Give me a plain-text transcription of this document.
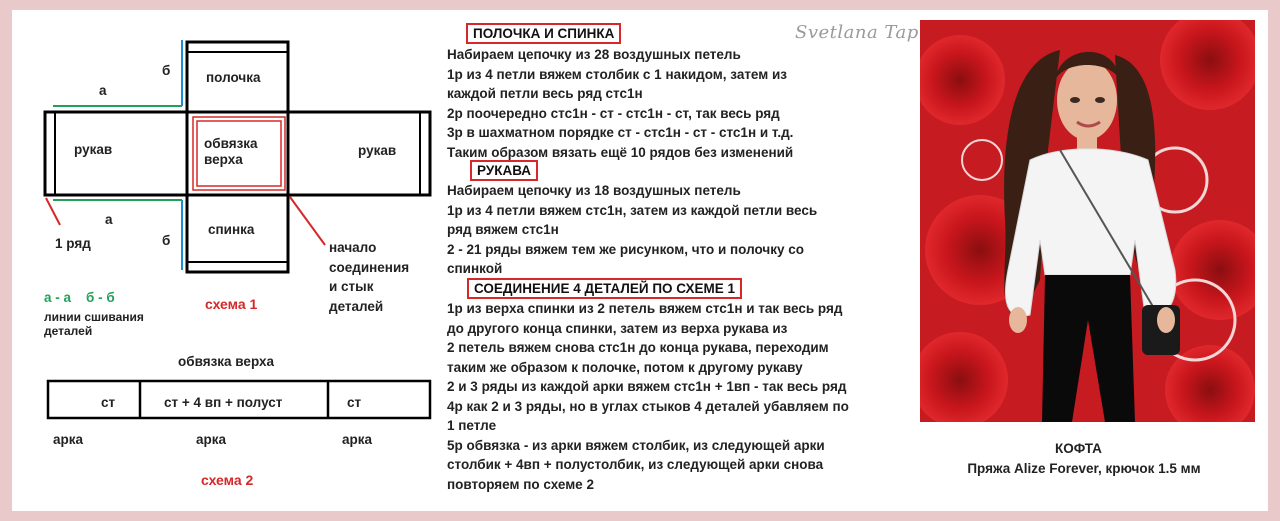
полочка
обвязка
верха
рукав	рукав
спинка
а
б
а
б
1 ряд	начало
соединения
и стык
деталей
а - а    б - б
линии сшивания
деталей
схема 1
обвязка верха
ст	ст + 4 вп + полуст	ст
арка	арка	арка
схема 2
ПОЛОЧКА И СПИНКА
Набираем цепочку из 28 воздушных петель
1р из 4 петли вяжем столбик с 1 накидом, затем из
каждой петли весь ряд стс1н
2р поочередно стс1н - ст - стс1н - ст, так весь ряд
3р в шахматном порядке ст - стс1н - ст - стс1н и т.д.
Таким образом вязать ещё 10 рядов без изменений
РУКАВА
Набираем цепочку из 18 воздушных петель
1р из 4 петли вяжем стс1н, затем из каждой петли весь
ряд вяжем стс1н
2 - 21 ряды вяжем тем же рисунком, что и полочку со
спинкой
СОЕДИНЕНИЕ 4 ДЕТАЛЕЙ ПО СХЕМЕ 1
1р из верха спинки из 2 петель вяжем стс1н и так весь ряд
до другого конца спинки, затем из верха рукава из
2 петель вяжем снова стс1н до конца рукава, переходим
таким же образом к полочке, потом к другому рукаву
2 и 3 ряды из каждой арки вяжем стс1н + 1вп - так весь ряд
4р как 2 и 3 ряды, но в углах стыков 4 деталей убавляем по
1 петле
5р обвязка - из арки вяжем столбик, из следующей арки
столбик + 4вп + полустолбик, из следующей арки снова
повторяем по схеме 2
Svetlana Tap
КОФТА
Пряжа Alize Forever, крючок 1.5 мм
